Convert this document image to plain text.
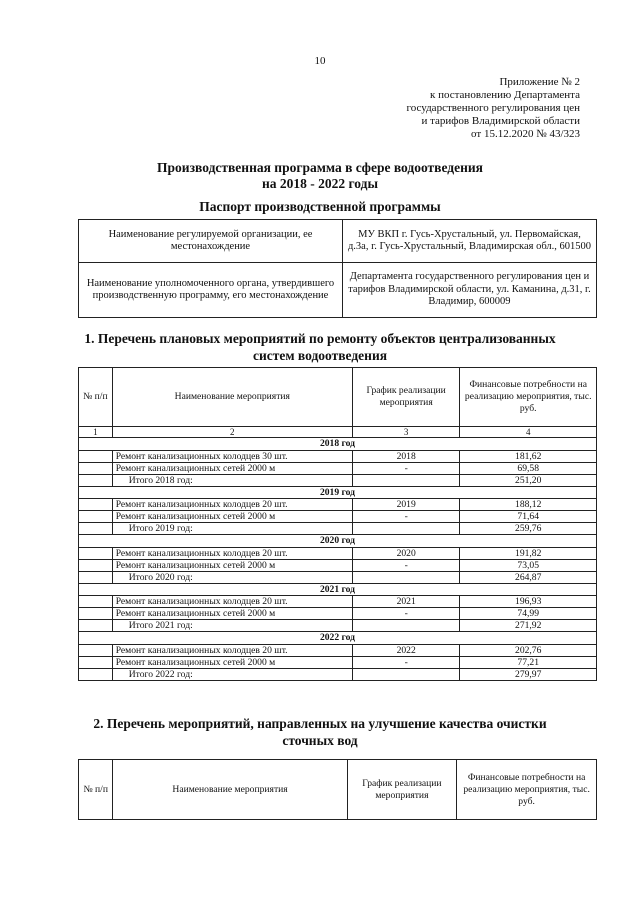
10
Приложение № 2
к постановлению Департамента
государственного регулирования цен
и тарифов Владимирской области
от 15.12.2020 № 43/323
Производственная программа в сфере водоотведения
на 2018 - 2022 годы
Паспорт производственной программы
Наименование регулируемой организации, ее местонахождение	МУ ВКП г. Гусь-Хрустальный, ул. Первомайская, д.3а, г. Гусь-Хрустальный, Владимирская обл., 601500
Наименование уполномоченного органа, утвердившего производственную программу, его местонахождение	Департамента государственного регулирования цен и тарифов Владимирской области, ул. Каманина, д.31, г. Владимир, 600009
1. Перечень плановых мероприятий по ремонту объектов централизованных
систем водоотведения
№ п/п	Наименование мероприятия	График реализации мероприятия	Финансовые потребности на реализацию мероприятия, тыс. руб.
1	2	3	4
2018 год			
	Ремонт канализационных колодцев 30 шт.	2018	181,62
	Ремонт канализационных сетей 2000 м	-	69,58
	Итого 2018 год:		251,20
2019 год			
	Ремонт канализационных колодцев 20 шт.	2019	188,12
	Ремонт канализационных сетей 2000 м	-	71,64
	Итого 2019 год:		259,76
2020 год			
	Ремонт канализационных колодцев 20 шт.	2020	191,82
	Ремонт канализационных сетей 2000 м	-	73,05
	Итого 2020 год:		264,87
2021 год			
	Ремонт канализационных колодцев 20 шт.	2021	196,93
	Ремонт канализационных сетей 2000 м	-	74,99
	Итого 2021 год:		271,92
2022 год			
	Ремонт канализационных колодцев 20 шт.	2022	202,76
	Ремонт канализационных сетей 2000 м	-	77,21
	Итого 2022 год:		279,97
2. Перечень мероприятий, направленных на улучшение качества очистки
сточных вод
№ п/п	Наименование мероприятия	График реализации мероприятия	Финансовые потребности на реализацию мероприятия, тыс. руб.
